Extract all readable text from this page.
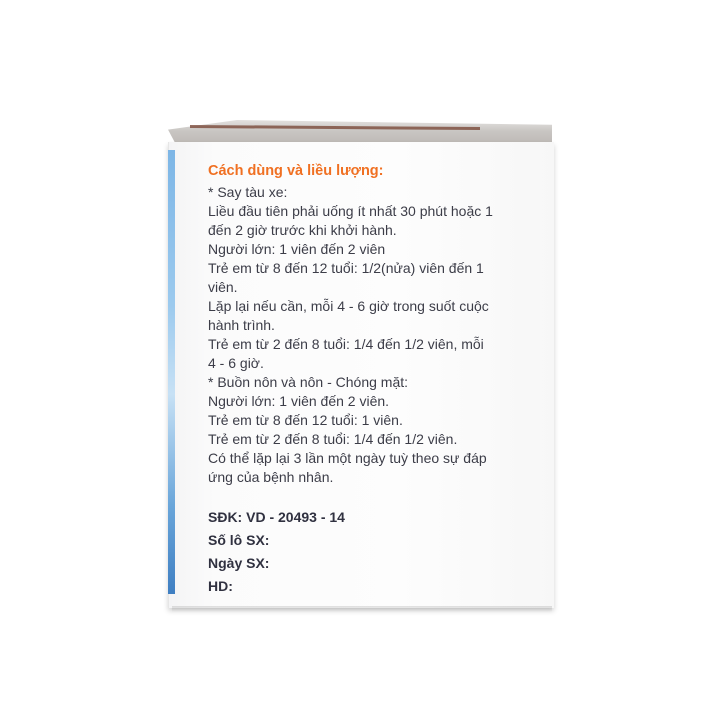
Cách dùng và liều lượng:

* Say tàu xe:

Liều đầu tiên phải uống ít nhất 30 phút hoặc 1

đến 2 giờ trước khi khởi hành.

Người lớn: 1 viên đến 2 viên

Trẻ em từ 8 đến 12 tuổi: 1/2(nửa) viên đến 1

viên.

Lặp lại nếu cần, mỗi 4 - 6 giờ trong suốt cuộc

hành trình.

Trẻ em từ 2 đến 8 tuổi: 1/4 đến 1/2 viên, mỗi

4 - 6 giờ.

* Buồn nôn và nôn - Chóng mặt:

Người lớn: 1 viên đến 2 viên.

Trẻ em từ 8 đến 12 tuổi: 1 viên.

Trẻ em từ 2 đến 8 tuổi: 1/4 đến 1/2 viên.

Có thể lặp lại 3 lần một ngày tuỳ theo sự đáp

ứng của bệnh nhân.

SĐK: VD - 20493 - 14

Số lô SX:

Ngày SX:

HD:
